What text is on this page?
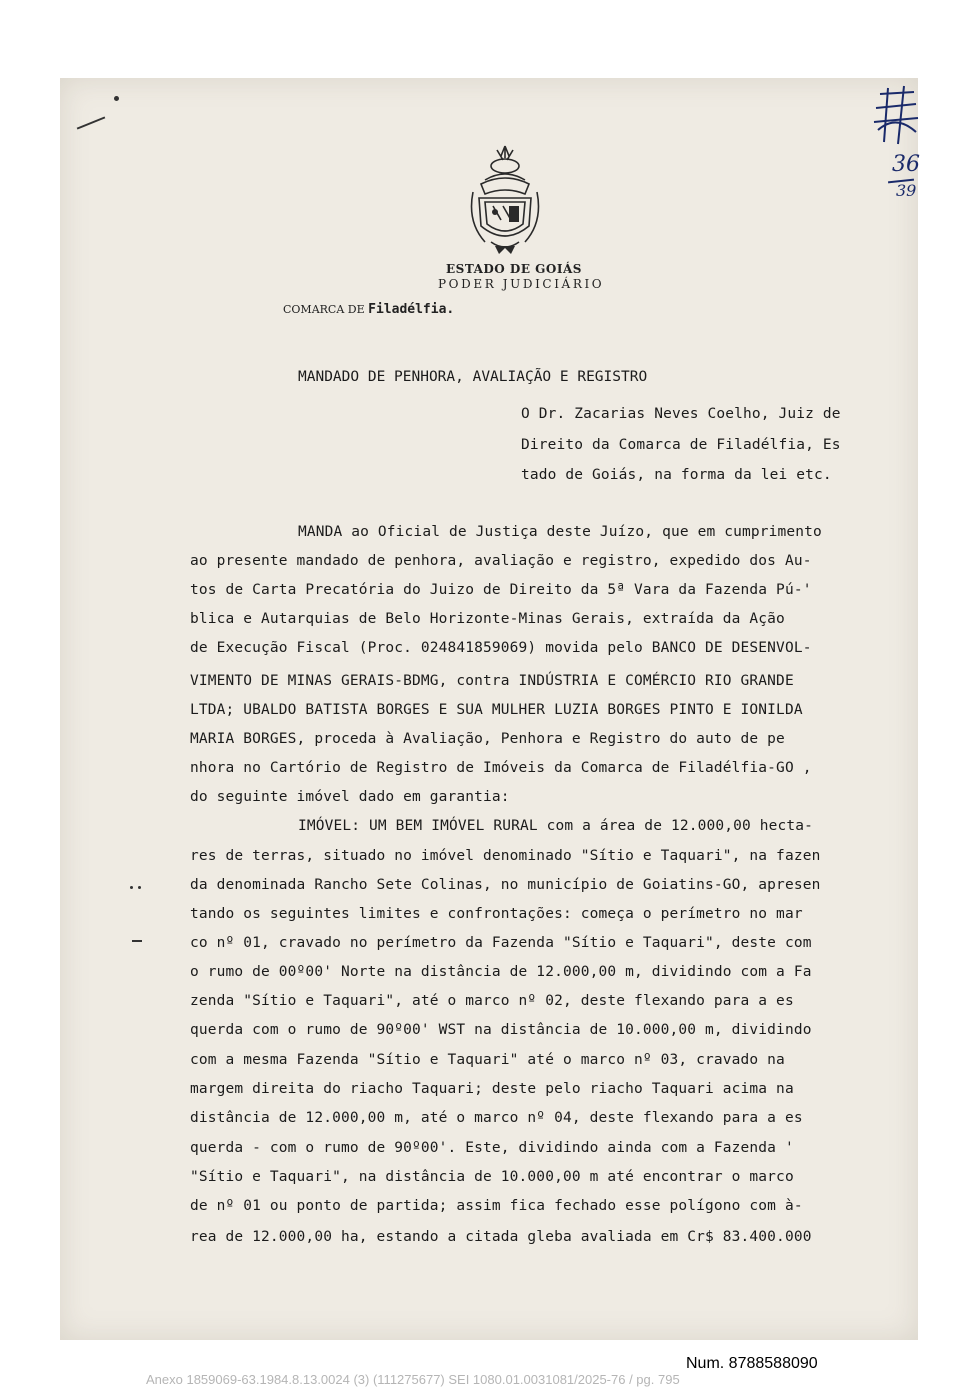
ESTADO DE GOIÁS
PODER JUDICIÁRIO
COMARCA DE Filadélfia.
MANDADO DE PENHORA, AVALIAÇÃO E REGISTRO
O Dr. Zacarias Neves Coelho, Juiz de
Direito da Comarca de Filadélfia, Es
tado de Goiás, na forma da lei etc.
MANDA ao Oficial de Justiça deste Juízo, que em cumprimento
ao presente mandado de penhora, avaliação e registro, expedido dos Au-
tos de Carta Precatória do Juizo de Direito da 5ª Vara da Fazenda Pú-'
blica e Autarquias de Belo Horizonte-Minas Gerais, extraída da Ação
de Execução Fiscal (Proc. 024841859069) movida pelo BANCO DE DESENVOL-
VIMENTO DE MINAS GERAIS-BDMG, contra INDÚSTRIA E COMÉRCIO RIO GRANDE
LTDA; UBALDO BATISTA BORGES E SUA MULHER LUZIA BORGES PINTO E IONILDA
MARIA BORGES, proceda à Avaliação, Penhora e Registro do auto de pe
nhora no Cartório de Registro de Imóveis da Comarca de Filadélfia-GO ,
do seguinte imóvel dado em garantia:
IMÓVEL: UM BEM IMÓVEL RURAL com a área de 12.000,00 hecta-
res de terras, situado no imóvel denominado "Sítio e Taquari", na fazen
da denominada Rancho Sete Colinas, no município de Goiatins-GO, apresen
tando os seguintes limites e confrontações: começa o perímetro no mar
co nº 01, cravado no perímetro da Fazenda "Sítio e Taquari", deste com
o rumo de 00º00' Norte na distância de 12.000,00 m, dividindo com a Fa
zenda "Sítio e Taquari", até o marco nº 02, deste flexando para a es
querda com o rumo de 90º00' WST na distância de 10.000,00 m, dividindo
com a mesma Fazenda "Sítio e Taquari" até o marco nº 03, cravado na
margem direita do riacho Taquari; deste pelo riacho Taquari acima na
distância de 12.000,00 m, até o marco nº 04, deste flexando para a es
querda - com o rumo de 90º00'. Este, dividindo ainda com a Fazenda '
"Sítio e Taquari", na distância de 10.000,00 m até encontrar o marco
de nº 01 ou ponto de partida; assim fica fechado esse polígono com à-
rea de 12.000,00 ha, estando a citada gleba avaliada em Cr$ 83.400.000
36
39
Num. 8788588090
Anexo 1859069-63.1984.8.13.0024 (3) (111275677) SEI 1080.01.0031081/2025-76 / pg. 795
